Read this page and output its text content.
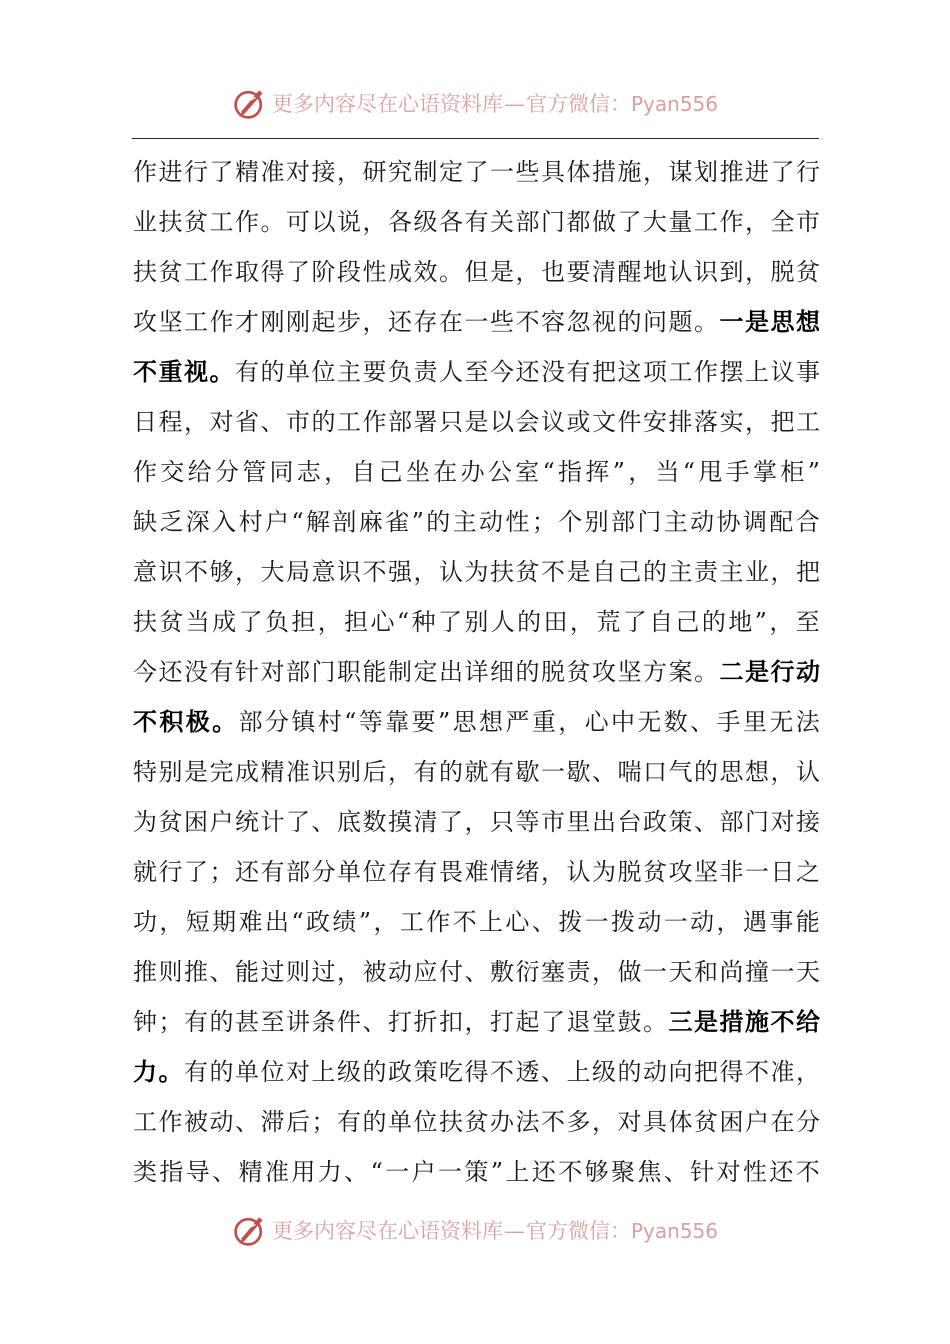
更多内容尽在心语资料库—官方微信：Pyan556
作 进 行 了 精 准 对 接 ， 研 究 制 定 了 一 些 具 体 措 施 ， 谋 划 推 进 了 行
业 扶 贫 工 作 。 可 以 说 ， 各 级 各 有 关 部 门 都 做 了 大 量 工 作 ， 全 市
扶 贫 工 作 取 得 了 阶 段 性 成 效 。 但 是 ， 也 要 清 醒 地 认 识 到 ， 脱 贫
攻 坚 工 作 才 刚 刚 起 步 ， 还 存 在 一 些 不 容 忽 视 的 问 题 。 一 是 思 想
不 重 视 。 有 的 单 位 主 要 负 责 人 至 今 还 没 有 把 这 项 工 作 摆 上 议 事
日 程 ， 对 省 、 市 的 工 作 部 署 只 是 以 会 议 或 文 件 安 排 落 实 ， 把 工
作 交 给 分 管 同 志 ， 自 己 坐 在 办 公 室 “ 指 挥 ” ， 当 “ 甩 手 掌 柜 ”
缺 乏 深 入 村 户 “ 解 剖 麻 雀 ” 的 主 动 性 ； 个 别 部 门 主 动 协 调 配 合
意 识 不 够 ， 大 局 意 识 不 强 ， 认 为 扶 贫 不 是 自 己 的 主 责 主 业 ， 把
扶 贫 当 成 了 负 担 ， 担 心 “ 种 了 别 人 的 田 ， 荒 了 自 己 的 地 ” ， 至
今 还 没 有 针 对 部 门 职 能 制 定 出 详 细 的 脱 贫 攻 坚 方 案 。 二 是 行 动
不 积 极 。 部 分 镇 村 “ 等 靠 要 ” 思 想 严 重 ， 心 中 无 数 、 手 里 无 法
特 别 是 完 成 精 准 识 别 后 ， 有 的 就 有 歇 一 歇 、 喘 口 气 的 思 想 ， 认
为 贫 困 户 统 计 了 、 底 数 摸 清 了 ， 只 等 市 里 出 台 政 策 、 部 门 对 接
就 行 了 ； 还 有 部 分 单 位 存 有 畏 难 情 绪 ， 认 为 脱 贫 攻 坚 非 一 日 之
功 ， 短 期 难 出 “ 政 绩 ” ， 工 作 不 上 心 、 拨 一 拨 动 一 动 ， 遇 事 能
推 则 推 、 能 过 则 过 ， 被 动 应 付 、 敷 衍 塞 责 ， 做 一 天 和 尚 撞 一 天
钟 ； 有 的 甚 至 讲 条 件 、 打 折 扣 ， 打 起 了 退 堂 鼓 。 三 是 措 施 不 给
力 。 有 的 单 位 对 上 级 的 政 策 吃 得 不 透 、 上 级 的 动 向 把 得 不 准 ，
工 作 被 动 、 滞 后 ； 有 的 单 位 扶 贫 办 法 不 多 ， 对 具 体 贫 困 户 在 分
类 指 导 、 精 准 用 力 、 “ 一 户 一 策 ” 上 还 不 够 聚 焦 、 针 对 性 还 不
更多内容尽在心语资料库—官方微信：Pyan556
